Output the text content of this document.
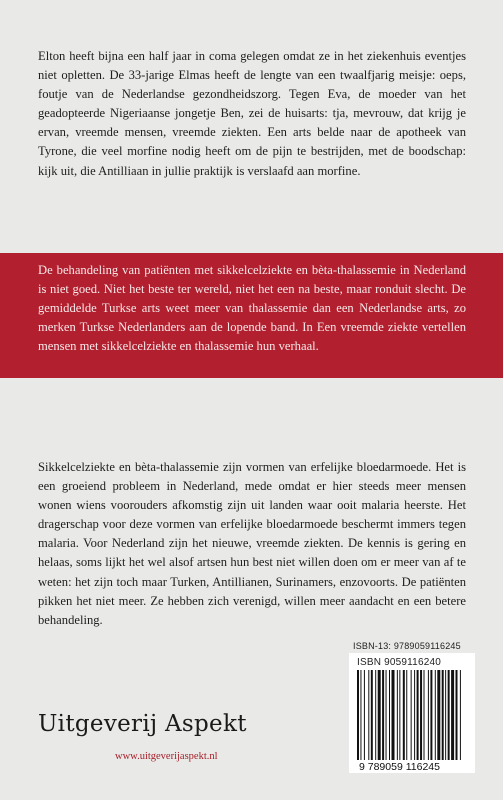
Elton heeft bijna een half jaar in coma gelegen omdat ze in het ziekenhuis eventjes niet opletten. De 33-jarige Elmas heeft de lengte van een twaalfjarig meisje: oeps, foutje van de Nederlandse gezondheidszorg. Tegen Eva, de moeder van het geadopteerde Nigeriaanse jongetje Ben, zei de huisarts: tja, mevrouw, dat krijg je ervan, vreemde mensen, vreemde ziekten. Een arts belde naar de apotheek van Tyrone, die veel morfine nodig heeft om de pijn te bestrijden, met de boodschap: kijk uit, die Antilliaan in jullie praktijk is verslaafd aan morfine.
De behandeling van patiënten met sikkelcelziekte en bèta-thalassemie in Nederland is niet goed. Niet het beste ter wereld, niet het een na beste, maar ronduit slecht. De gemiddelde Turkse arts weet meer van thalassemie dan een Nederlandse arts, zo merken Turkse Nederlanders aan de lopende band. In Een vreemde ziekte vertellen mensen met sikkelcelziekte en thalassemie hun verhaal.
Sikkelcelziekte en bèta-thalassemie zijn vormen van erfelijke bloedarmoede. Het is een groeiend probleem in Nederland, mede omdat er hier steeds meer mensen wonen wiens voorouders afkomstig zijn uit landen waar ooit malaria heerste. Het dragerschap voor deze vormen van erfelijke bloedarmoede beschermt immers tegen malaria. Voor Nederland zijn het nieuwe, vreemde ziekten. De kennis is gering en helaas, soms lijkt het wel alsof artsen hun best niet willen doen om er meer van af te weten: het zijn toch maar Turken, Antillianen, Surinamers, enzovoorts. De patiënten pikken het niet meer. Ze hebben zich verenigd, willen meer aandacht en een betere behandeling.
ISBN-13: 9789059116245
ISBN 9059116240
9 789059 116245
Uitgeverij Aspekt
www.uitgeverijaspekt.nl
